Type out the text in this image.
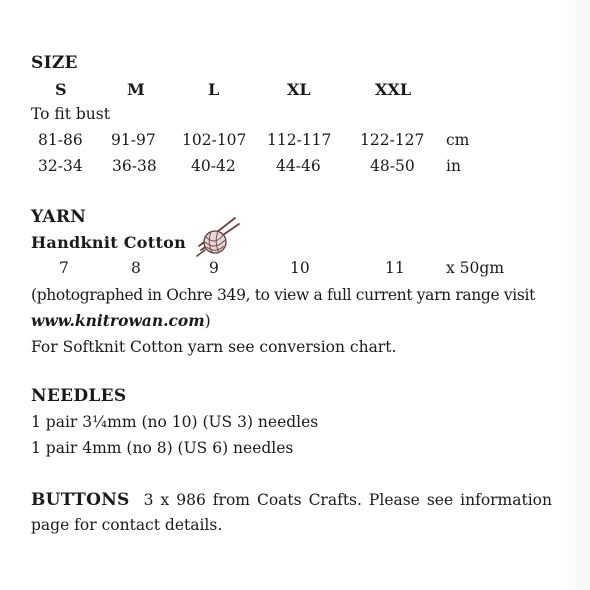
SIZE
S	M	L	XL	XXL
To fit bust
81-86 91-97 102-107 112-117 122-127 cm
32-34 36-38 40-42	44-46	48-50 in
YARN
Handknit Cotton
7	8	9	10	11	x 50gm
(photographed in Ochre 349, to view a full current yarn range visit
www.knitrowan.com)
For Softknit Cotton yarn see conversion chart.
NEEDLES
1 pair 3¼mm (no 10) (US 3) needles
1 pair 4mm (no 8) (US 6) needles
BUTTONS 3 x 986 from Coats Crafts. Please see information
page for contact details.
